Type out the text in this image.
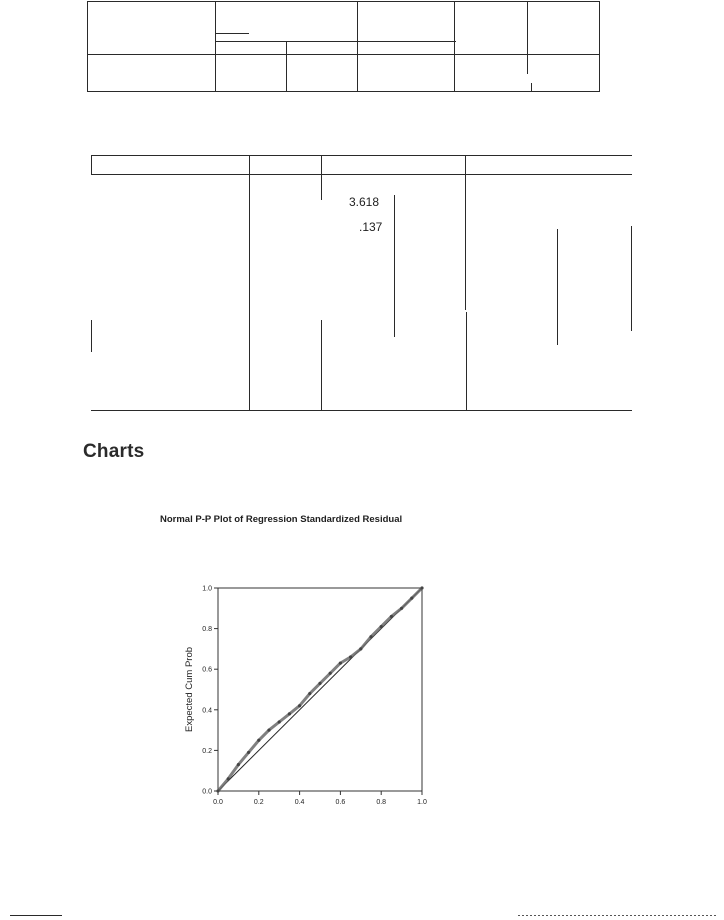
3.618
.137
Charts
Normal P-P Plot of Regression Standardized Residual
0.0	0.2	0.4	0.6	0.8	1.0
0.0
0.2
0.4
0.6
0.8
1.0
Expected Cum Prob
